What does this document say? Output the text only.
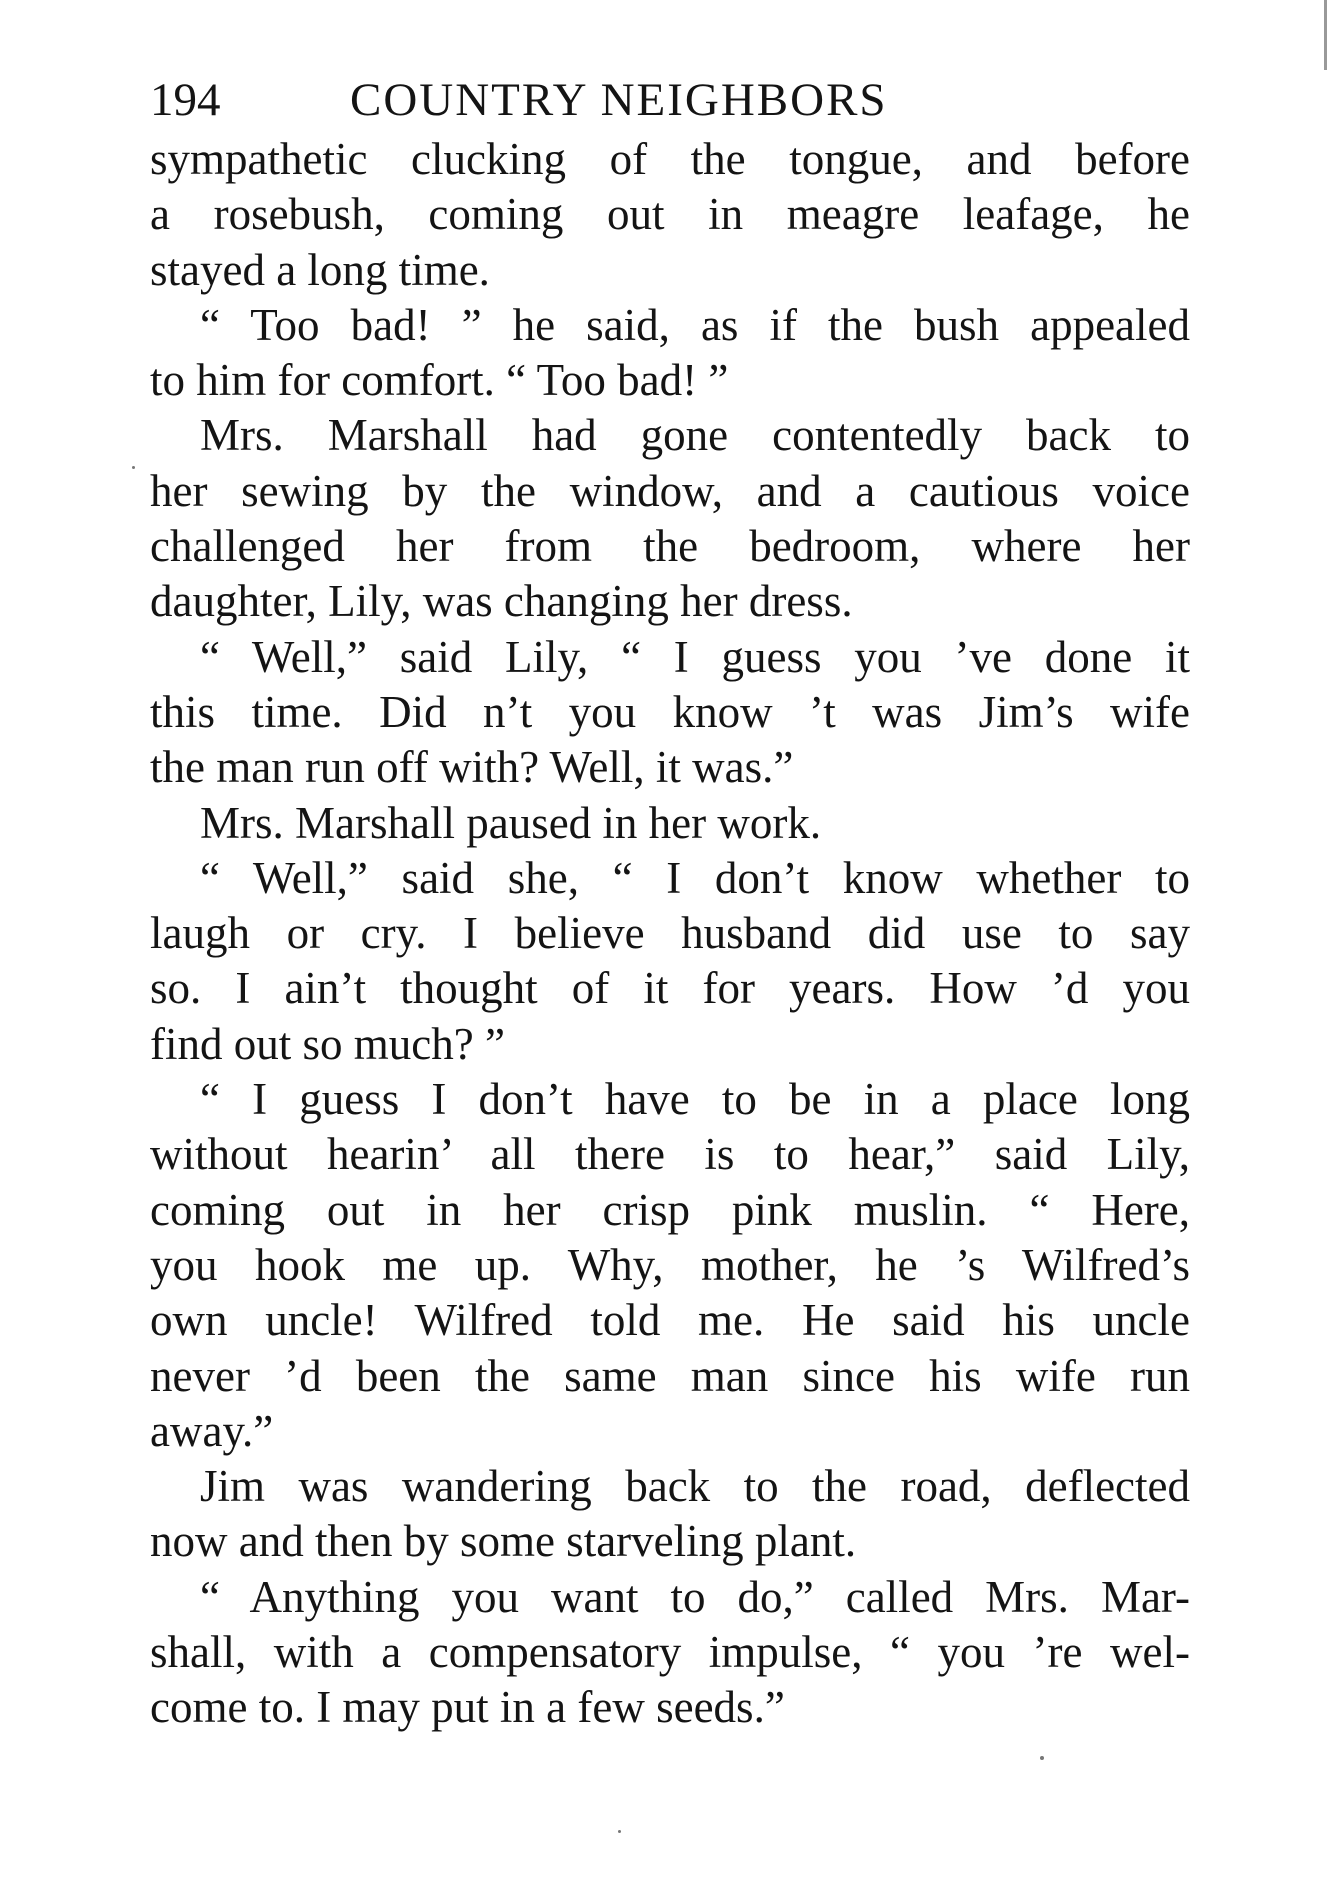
194	COUNTRY NEIGHBORS

sympathetic clucking of the tongue, and before
a rosebush, coming out in meagre leafage, he
stayed a long time.

“ Too bad! ” he said, as if the bush appealed
to him for comfort. “ Too bad! ”

Mrs. Marshall had gone contentedly back to
her sewing by the window, and a cautious voice
challenged her from the bedroom, where her
daughter, Lily, was changing her dress.

“ Well,” said Lily, “ I guess you ’ve done it
this time. Did n’t you know ’t was Jim’s wife
the man run off with? Well, it was.”

Mrs. Marshall paused in her work.

“ Well,” said she, “ I don’t know whether to
laugh or cry. I believe husband did use to say
so. I ain’t thought of it for years. How ’d you
find out so much? ”

“ I guess I don’t have to be in a place long
without hearin’ all there is to hear,” said Lily,
coming out in her crisp pink muslin. “ Here,
you hook me up. Why, mother, he ’s Wilfred’s
own uncle! Wilfred told me. He said his uncle
never ’d been the same man since his wife run
away.”

Jim was wandering back to the road, deflected
now and then by some starveling plant.

“ Anything you want to do,” called Mrs. Mar-
shall, with a compensatory impulse, “ you ’re wel-
come to. I may put in a few seeds.”
